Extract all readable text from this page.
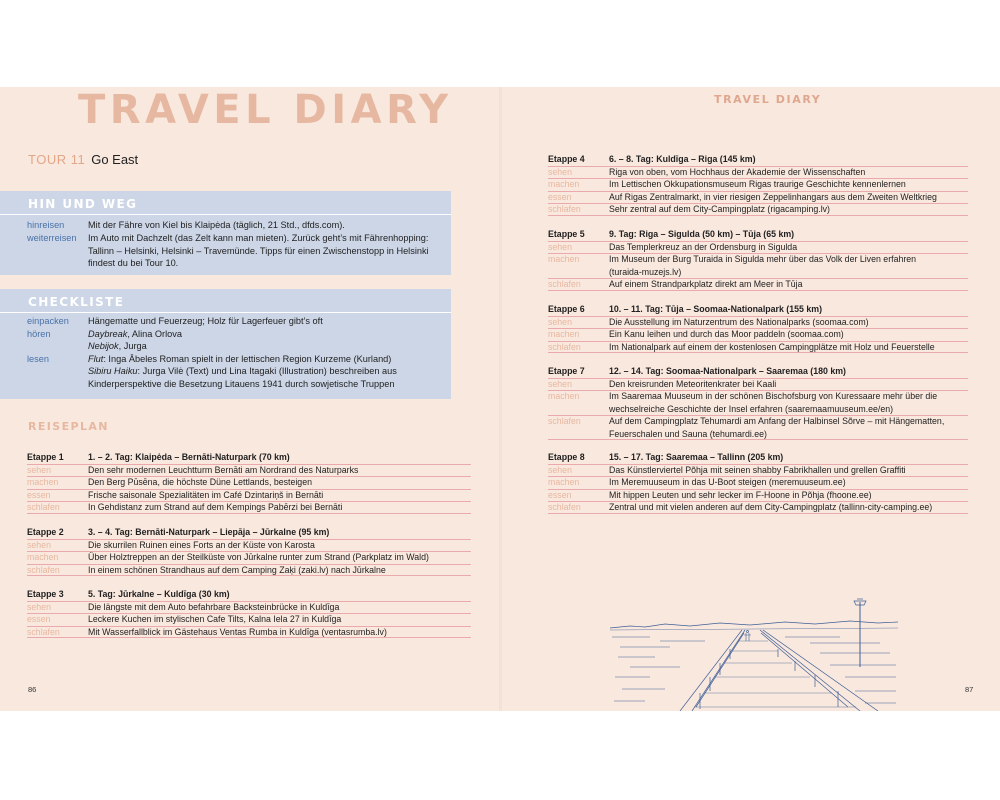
TRAVEL DIARY	TRAVEL DIARY
TOUR 11 Go East
HIN UND WEG
hinreisen	Mit der Fähre von Kiel bis Klaipėda (täglich, 21 Std., dfds.com).
weiterreisen Im Auto mit Dachzelt (das Zelt kann man mieten). Zurück geht’s mit Fährenhopping:
Tallinn – Helsinki, Helsinki – Travemünde. Tipps für einen Zwischenstopp in Helsinki
findest du bei Tour 10.
CHECKLISTE
einpacken Hängematte und Feuerzeug; Holz für Lagerfeuer gibt’s oft
hören	Daybreak, Alina Orlova
Nebijok, Jurga
lesen	Flut: Inga Ābeles Roman spielt in der lettischen Region Kurzeme (Kurland)
Sibiru Haiku: Jurga Vilė (Text) und Lina Itagaki (Illustration) beschreiben aus
Kinderperspektive die Besetzung Litauens 1941 durch sowjetische Truppen
REISEPLAN
Etappe 1	1. – 2. Tag: Klaipėda – Bernāti-Naturpark (70 km)
sehen	Den sehr modernen Leuchtturm Bernāti am Nordrand des Naturparks
machen	Den Berg Pūsēna, die höchste Düne Lettlands, besteigen
essen	Frische saisonale Spezialitäten im Café Dzintariņš in Bernāti
schlafen	In Gehdistanz zum Strand auf dem Kempings Pabērzi bei Bernāti
Etappe 2	3. – 4. Tag: Bernāti-Naturpark – Liepāja – Jūrkalne (95 km)
sehen	Die skurrilen Ruinen eines Forts an der Küste von Karosta
machen	Über Holztreppen an der Steilküste von Jūrkalne runter zum Strand (Parkplatz im Wald)
schlafen	In einem schönen Strandhaus auf dem Camping Zaķi (zaki.lv) nach Jūrkalne
Etappe 3	5. Tag: Jūrkalne – Kuldīga (30 km)
sehen	Die längste mit dem Auto befahrbare Backsteinbrücke in Kuldīga
essen	Leckere Kuchen im stylischen Cafe Tilts, Kalna Iela 27 in Kuldīga
schlafen	Mit Wasserfallblick im Gästehaus Ventas Rumba in Kuldīga (ventasrumba.lv)
Etappe 4	6. – 8. Tag: Kuldīga – Riga (145 km)
sehen	Riga von oben, vom Hochhaus der Akademie der Wissenschaften
machen	Im Lettischen Okkupationsmuseum Rigas traurige Geschichte kennenlernen
essen	Auf Rigas Zentralmarkt, in vier riesigen Zeppelinhangars aus dem Zweiten Weltkrieg
schlafen	Sehr zentral auf dem City-Campingplatz (rigacamping.lv)
Etappe 5	9. Tag: Riga – Sigulda (50 km) – Tūja (65 km)
sehen	Das Templerkreuz an der Ordensburg in Sigulda
machen	Im Museum der Burg Turaida in Sigulda mehr über das Volk der Liven erfahren
(turaida-muzejs.lv)
schlafen	Auf einem Strandparkplatz direkt am Meer in Tūja
Etappe 6	10. – 11. Tag: Tūja – Soomaa-Nationalpark (155 km)
sehen	Die Ausstellung im Naturzentrum des Nationalparks (soomaa.com)
machen	Ein Kanu leihen und durch das Moor paddeln (soomaa.com)
schlafen	Im Nationalpark auf einem der kostenlosen Campingplätze mit Holz und Feuerstelle
Etappe 7	12. – 14. Tag: Soomaa-Nationalpark – Saaremaa (180 km)
sehen	Den kreisrunden Meteoritenkrater bei Kaali
machen	Im Saaremaa Muuseum in der schönen Bischofsburg von Kuressaare mehr über die
wechselreiche Geschichte der Insel erfahren (saaremaamuuseum.ee/en)
schlafen	Auf dem Campingplatz Tehumardi am Anfang der Halbinsel Sõrve – mit Hängematten,
Feuerschalen und Sauna (tehumardi.ee)
Etappe 8	15. – 17. Tag: Saaremaa – Tallinn (205 km)
sehen	Das Künstlerviertel Põhja mit seinen shabby Fabrikhallen und grellen Graffiti
machen	Im Meremuuseum in das U-Boot steigen (meremuuseum.ee)
essen	Mit hippen Leuten und sehr lecker im F-Hoone in Põhja (fhoone.ee)
schlafen	Zentral und mit vielen anderen auf dem City-Campingplatz (tallinn-city-camping.ee)
86	87
